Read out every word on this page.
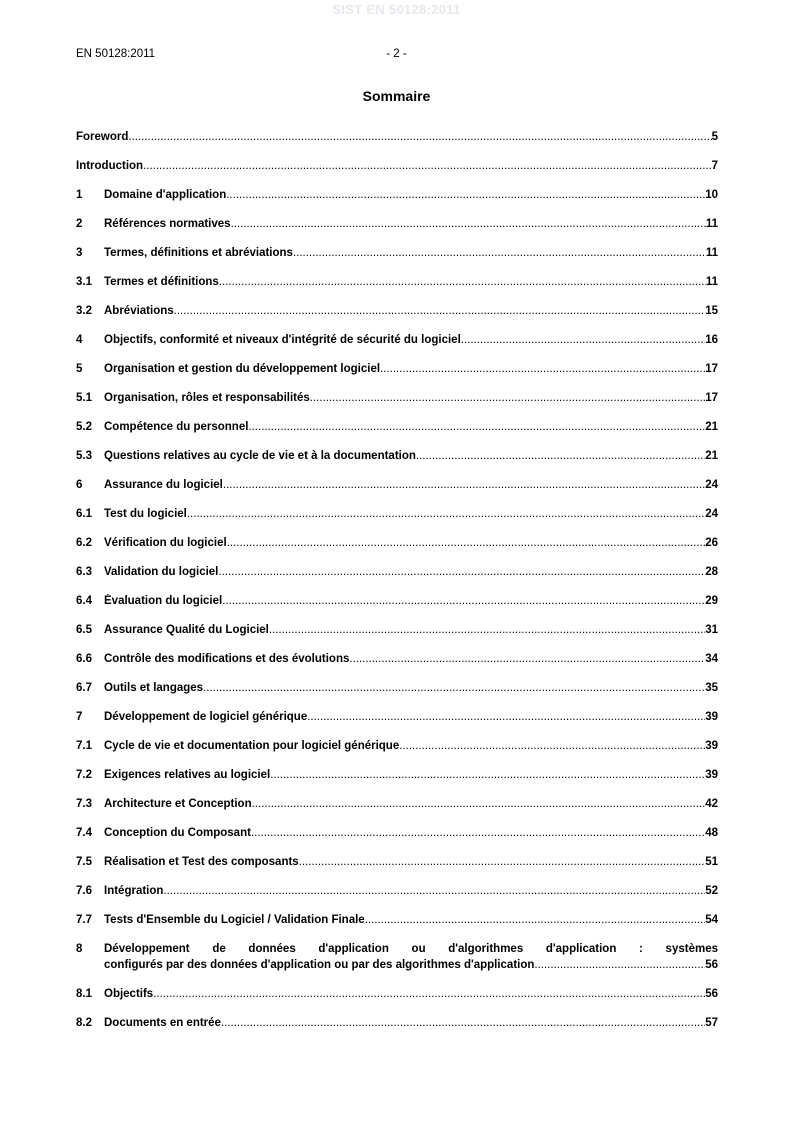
SIST EN 50128:2011
EN 50128:2011	- 2 -
Sommaire
Foreword .....	5
Introduction .....	7
1	Domaine d'application .....	10
2	Références normatives .....	11
3	Termes, définitions et abréviations .....	11
3.1	Termes et définitions .....	11
3.2	Abréviations .....	15
4	Objectifs, conformité et niveaux d'intégrité de sécurité du logiciel .....	16
5	Organisation et gestion du développement logiciel .....	17
5.1	Organisation, rôles et responsabilités .....	17
5.2	Compétence du personnel .....	21
5.3	Questions relatives au cycle de vie et à la documentation .....	21
6	Assurance du logiciel .....	24
6.1	Test du logiciel .....	24
6.2	Vérification du logiciel .....	26
6.3	Validation du logiciel .....	28
6.4	Évaluation du logiciel .....	29
6.5	Assurance Qualité du Logiciel .....	31
6.6	Contrôle des modifications et des évolutions .....	34
6.7	Outils et langages .....	35
7	Développement de logiciel générique .....	39
7.1	Cycle de vie et documentation pour logiciel générique .....	39
7.2	Exigences relatives au logiciel .....	39
7.3	Architecture et Conception .....	42
7.4	Conception du Composant .....	48
7.5	Réalisation et Test des composants .....	51
7.6	Intégration .....	52
7.7	Tests d'Ensemble du Logiciel / Validation Finale .....	54
8 Développement de données d'application ou d'algorithmes d'application : systèmes
configurés par des données d'application ou par des algorithmes d'application .....	56
8.1	Objectifs .....	56
8.2	Documents en entrée .....	57
